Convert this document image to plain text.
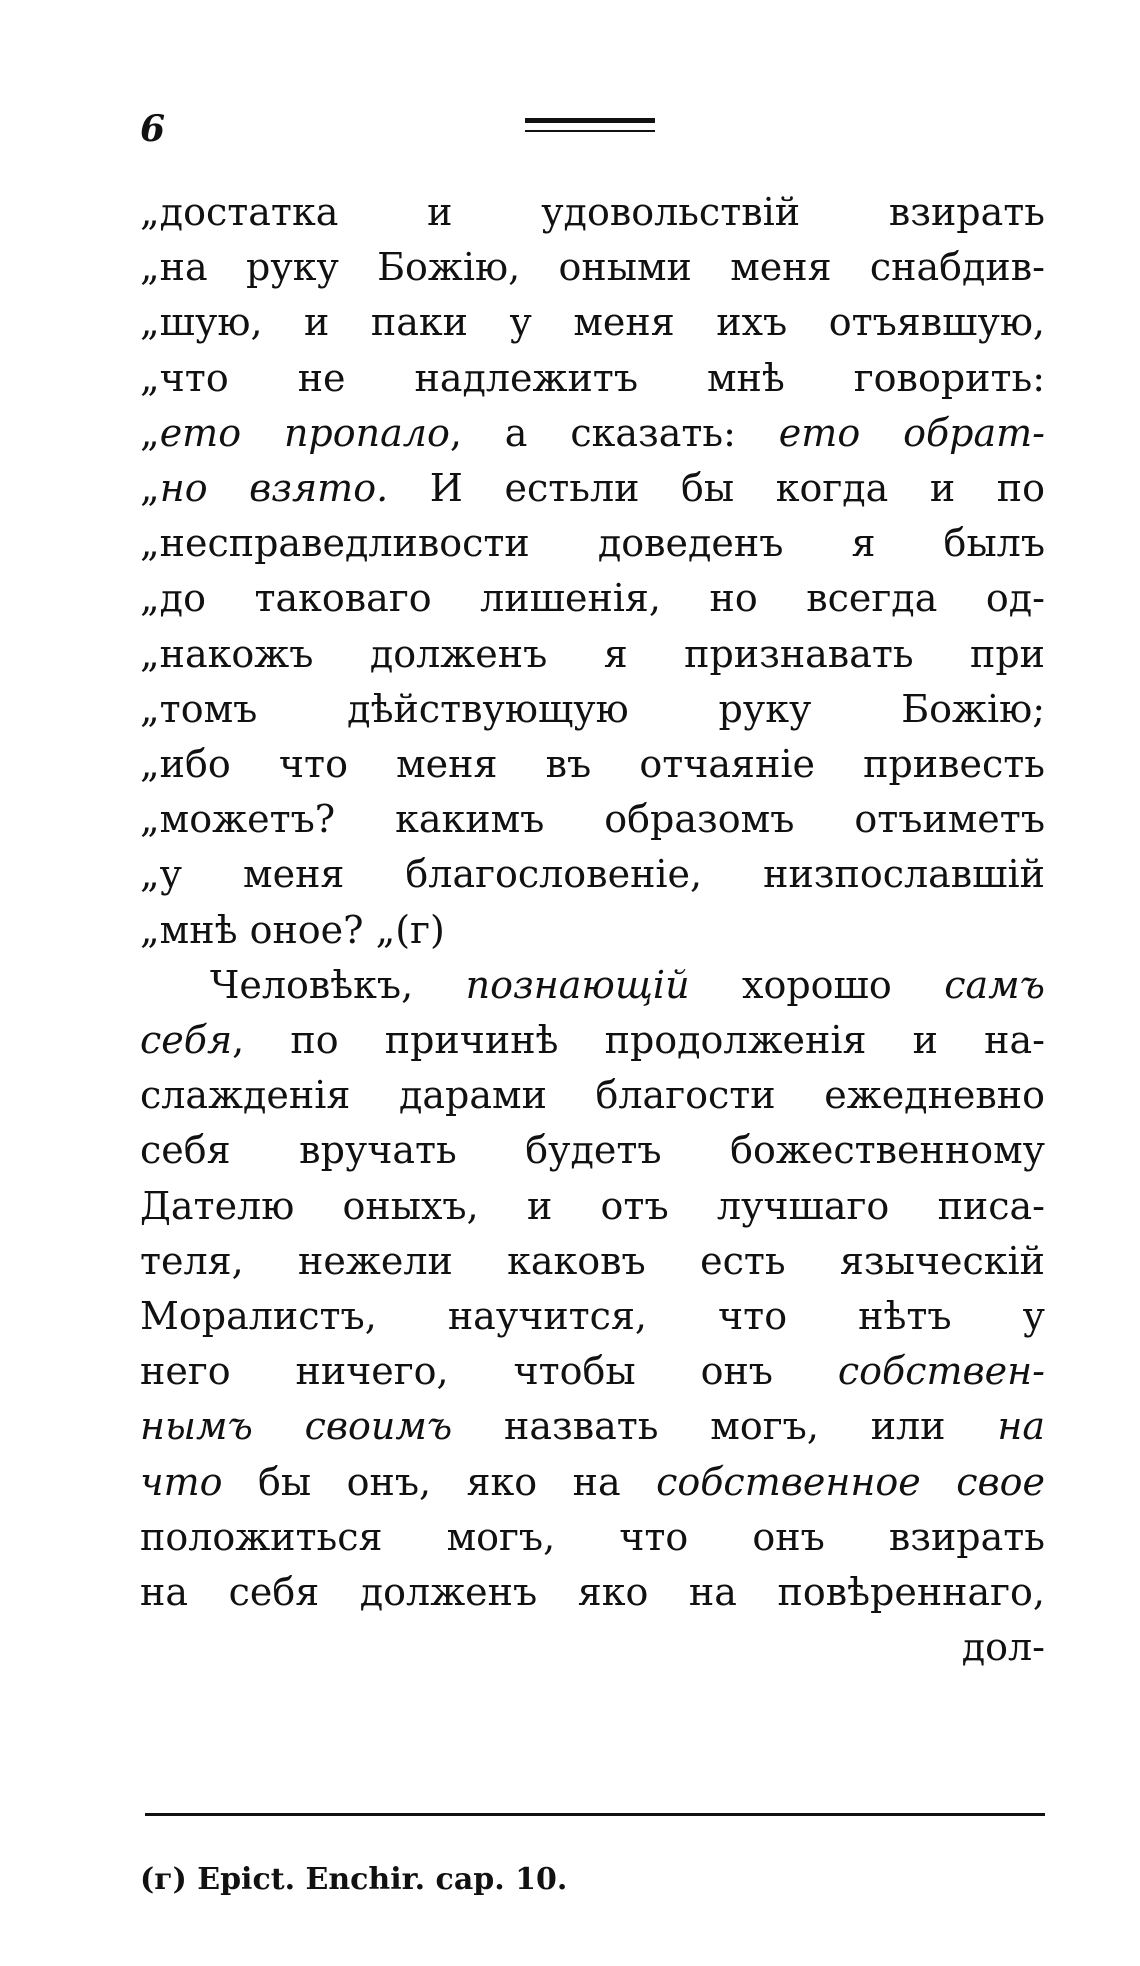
6
„достатка и удовольствій взирать
„на руку Божію, оными меня снабдив-
„шую, и паки у меня ихъ отъявшую,
„что не надлежитъ мнѣ говорить:
„ето пропало, а сказать: ето обрат-
„но взято. И естьли бы когда и по
„несправедливости доведенъ я былъ
„до таковаго лишенія, но всегда од-
„накожъ долженъ я признавать при
„томъ дѣйствующую руку Божію;
„ибо что меня въ отчаяніе привесть
„можетъ? какимъ образомъ отъиметъ
„у меня благословеніе, низпославшій
„мнѣ оное? „(г)
Человѣкъ, познающій хорошо самъ
себя, по причинѣ продолженія и на-
слажденія дарами благости ежедневно
себя вручать будетъ божественному
Дателю оныхъ, и отъ лучшаго писа-
теля, нежели каковъ есть языческій
Моралистъ, научится, что нѣтъ у
него ничего, чтобы онъ собствен-
нымъ своимъ назвать могъ, или на
что бы онъ, яко на собственное свое
положиться могъ, что онъ взирать
на себя долженъ яко на повѣреннаго,
дол-
(г) Epict. Enchir. cap. 10.
